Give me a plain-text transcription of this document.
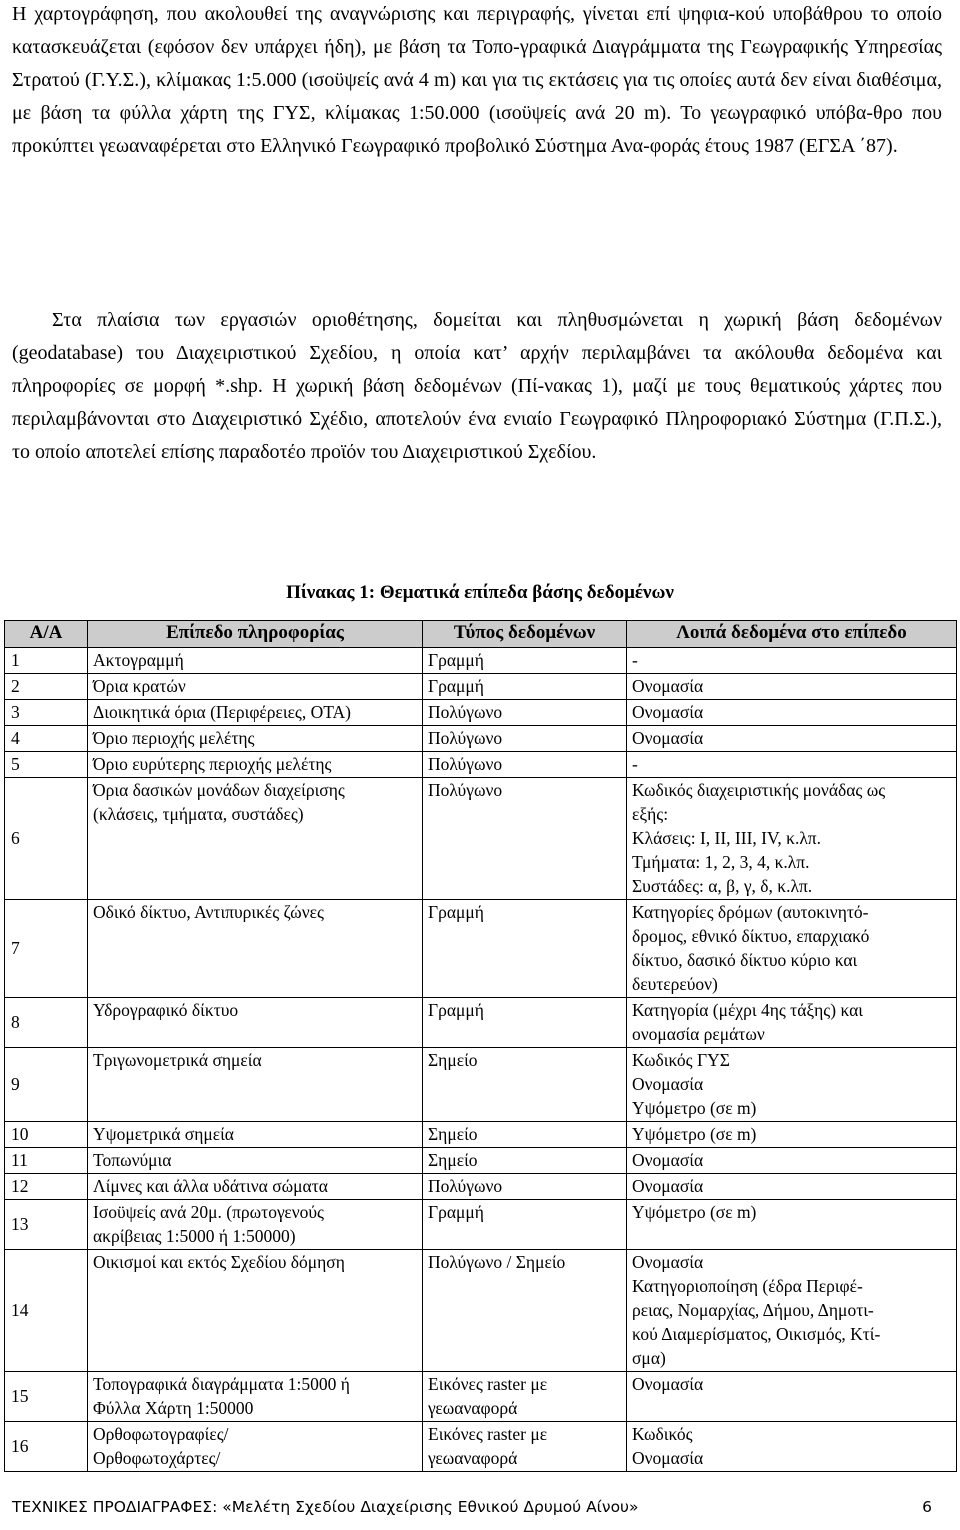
Η χαρτογράφηση, που ακολουθεί της αναγνώρισης και περιγραφής, γίνεται επί ψηφια-κού υποβάθρου το οποίο κατασκευάζεται (εφόσον δεν υπάρχει ήδη), με βάση τα Τοπο-γραφικά Διαγράμματα της Γεωγραφικής Υπηρεσίας Στρατού (Γ.Υ.Σ.), κλίμακας 1:5.000 (ισοϋψείς ανά 4 m) και για τις εκτάσεις για τις οποίες αυτά δεν είναι διαθέσιμα, με βάση τα φύλλα χάρτη της ΓΥΣ, κλίμακας 1:50.000 (ισοϋψείς ανά 20 m). Το γεωγραφικό υπόβα-θρο που προκύπτει γεωαναφέρεται στο Ελληνικό Γεωγραφικό προβολικό Σύστημα Ανα-φοράς έτους 1987 (ΕΓΣΑ ΄87).

Στα πλαίσια των εργασιών οριοθέτησης, δομείται και πληθυσμώνεται η χωρική βάση δεδομένων (geodatabase) του Διαχειριστικού Σχεδίου, η οποία κατ’ αρχήν περιλαμβάνει τα ακόλουθα δεδομένα και πληροφορίες σε μορφή *.shp. Η χωρική βάση δεδομένων (Πί-νακας 1), μαζί με τους θεματικούς χάρτες που περιλαμβάνονται στο Διαχειριστικό Σχέδιο, αποτελούν ένα ενιαίο Γεωγραφικό Πληροφοριακό Σύστημα (Γ.Π.Σ.), το οποίο αποτελεί επίσης παραδοτέο προϊόν του Διαχειριστικού Σχεδίου.

Πίνακας 1: Θεματικά επίπεδα βάσης δεδομένων
Α/Α	Επίπεδο πληροφορίας	Τύπος δεδομένων	Λοιπά δεδομένα στο επίπεδο

1	Ακτογραμμή	Γραμμή	-

2	Όρια κρατών	Γραμμή	Ονομασία

3	Διοικητικά όρια (Περιφέρειες, ΟΤΑ)	Πολύγωνο	Ονομασία

4	Όριο περιοχής μελέτης	Πολύγωνο	Ονομασία

5	Όριο ευρύτερης περιοχής μελέτης	Πολύγωνο	-

6	Όρια δασικών μονάδων διαχείρισης
(κλάσεις, τμήματα, συστάδες)	Πολύγωνο	Κωδικός διαχειριστικής μονάδας ως
εξής:
Κλάσεις: Ι, ΙΙ, ΙΙΙ, ΙV, κ.λπ.
Τμήματα: 1, 2, 3, 4, κ.λπ.
Συστάδες: α, β, γ, δ, κ.λπ.

7	Οδικό δίκτυο, Αντιπυρικές ζώνες	Γραμμή	Κατηγορίες δρόμων (αυτοκινητό-
δρομος, εθνικό δίκτυο, επαρχιακό
δίκτυο, δασικό δίκτυο κύριο και
δευτερεύον)

8	Υδρογραφικό δίκτυο	Γραμμή	Κατηγορία (μέχρι 4ης τάξης) και
ονομασία ρεμάτων

9	Τριγωνομετρικά σημεία	Σημείο	Κωδικός ΓΥΣ
Ονομασία
Υψόμετρο (σε m)

10	Υψομετρικά σημεία	Σημείο	Υψόμετρο (σε m)

11	Τοπωνύμια	Σημείο	Ονομασία

12	Λίμνες και άλλα υδάτινα σώματα	Πολύγωνο	Ονομασία

13	Ισοϋψείς ανά 20μ. (πρωτογενούς
ακρίβειας 1:5000 ή 1:50000)	Γραμμή	Υψόμετρο (σε m)

14	Οικισμοί και εκτός Σχεδίου δόμηση	Πολύγωνο / Σημείο	Ονομασία
Κατηγοριοποίηση (έδρα Περιφέ-
ρειας, Νομαρχίας, Δήμου, Δημοτι-
κού Διαμερίσματος, Οικισμός, Κτί-
σμα)

15	Τοπογραφικά διαγράμματα 1:5000 ή
Φύλλα Χάρτη 1:50000	Εικόνες raster με
γεωαναφορά	Ονομασία

16	Ορθοφωτογραφίες/
Ορθοφωτοχάρτες/	Εικόνες raster με
γεωαναφορά	Κωδικός
Ονομασία
ΤΕΧΝΙΚΕΣ ΠΡΟΔΙΑΓΡΑΦΕΣ: «Μελέτη Σχεδίου Διαχείρισης Εθνικού Δρυμού Αίνου»	6
